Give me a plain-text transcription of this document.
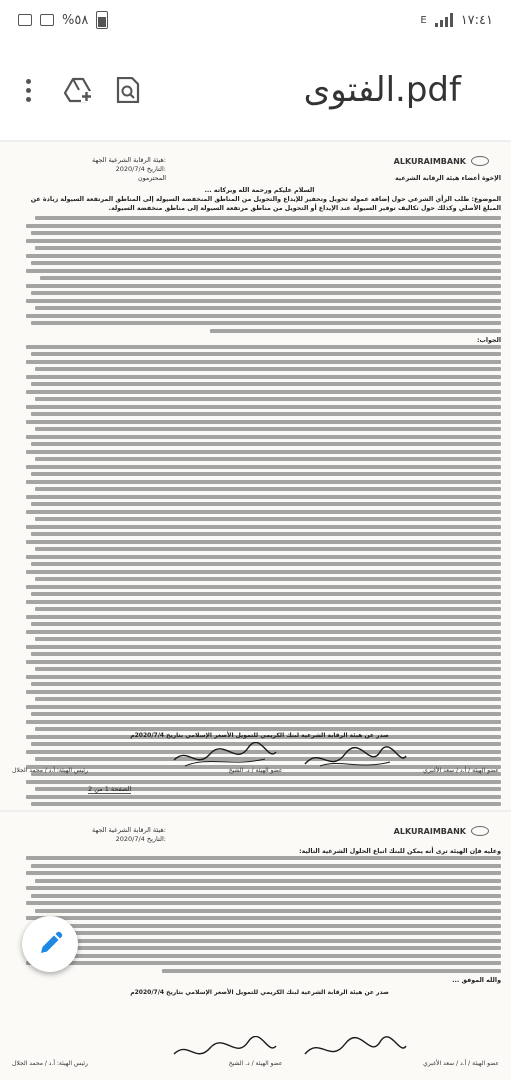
%٥٨	E	١٧:٤١
الفتوى.pdf
ALKURAIMBANK
هيئة الرقابة الشرعية الجهة:
2020/7/4 التاريخ:
الإخوة أعضاء هيئة الرقابة الشرعية
المحترمون
السلام عليكم ورحمة الله وبركاته ...
الموضوع: طلب الرأي الشرعي حول إضافة عمولة تحويل وتحفيز للإيداع والتحويل من المناطق المنخفضة السيولة إلى المناطق المرتفعة السيولة زيادة عن المبلغ الأصلي وكذلك حول تكاليف توفير السيولة عند الإيداع أو التحويل من مناطق مرتفعة السيولة إلى مناطق منخفضة السيولة.
الجواب:
صدر عن هيئة الرقابة الشرعية لبنك الكريمي للتمويل الأصغر الإسلامي بتاريخ 2020/7/4م
عضو الهيئة / أ.د / سعد الأغبري
عضو الهيئة / د. الشيخ
رئيس الهيئة: أ.د / محمد الجلال
الصفحة 1 من 2
ALKURAIMBANK
هيئة الرقابة الشرعية الجهة:
2020/7/4 التاريخ:
وعليه فإن الهيئة ترى أنه يمكن للبنك اتباع الحلول الشرعية التالية:
والله الموفق ...
صدر عن هيئة الرقابة الشرعية لبنك الكريمي للتمويل الأصغر الإسلامي بتاريخ 2020/7/4م
عضو الهيئة / أ.د / سعد الأغبري
عضو الهيئة / د. الشيخ
رئيس الهيئة: أ.د / محمد الجلال
